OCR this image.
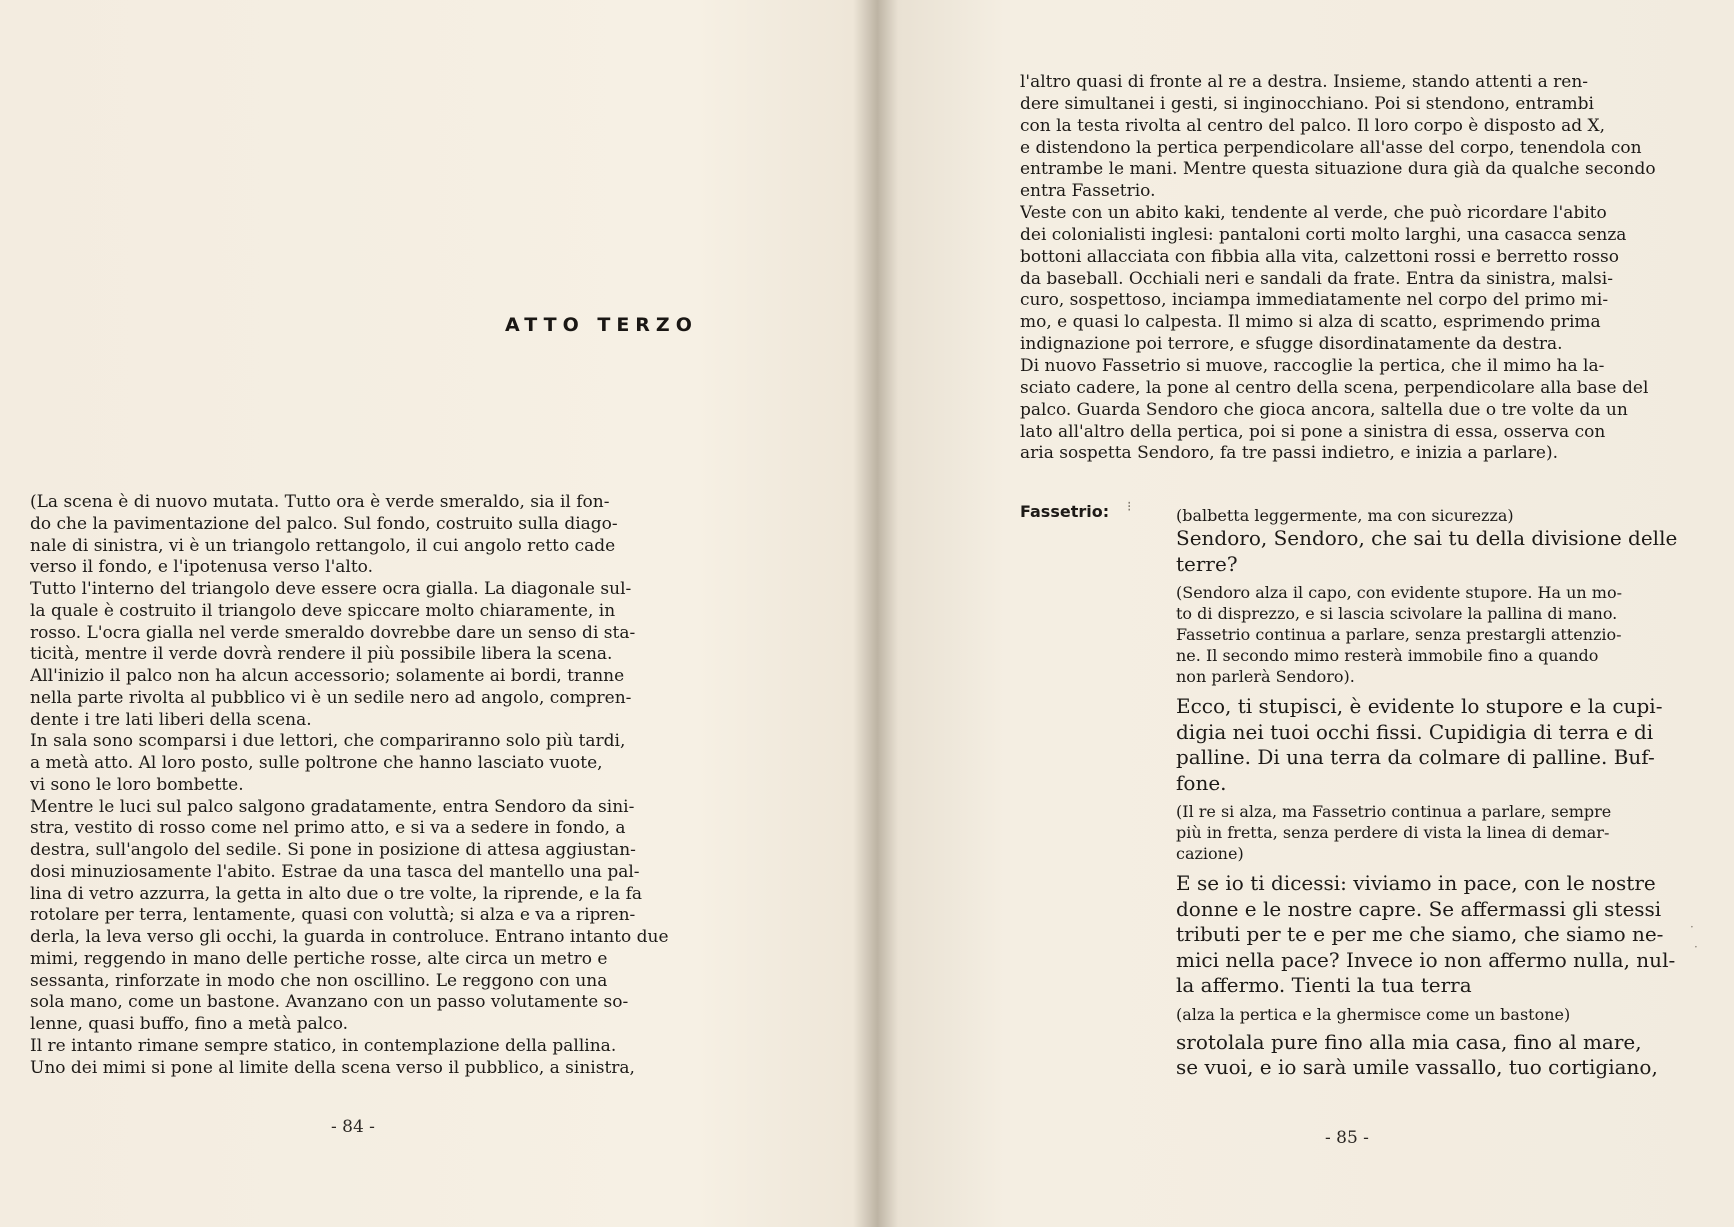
ATTO TERZO
(La scena è di nuovo mutata. Tutto ora è verde smeraldo, sia il fon-
do che la pavimentazione del palco. Sul fondo, costruito sulla diago-
nale di sinistra, vi è un triangolo rettangolo, il cui angolo retto cade
verso il fondo, e l'ipotenusa verso l'alto.
Tutto l'interno del triangolo deve essere ocra gialla. La diagonale sul-
la quale è costruito il triangolo deve spiccare molto chiaramente, in
rosso. L'ocra gialla nel verde smeraldo dovrebbe dare un senso di sta-
ticità, mentre il verde dovrà rendere il più possibile libera la scena.
All'inizio il palco non ha alcun accessorio; solamente ai bordi, tranne
nella parte rivolta al pubblico vi è un sedile nero ad angolo, compren-
dente i tre lati liberi della scena.
In sala sono scomparsi i due lettori, che compariranno solo più tardi,
a metà atto. Al loro posto, sulle poltrone che hanno lasciato vuote,
vi sono le loro bombette.
Mentre le luci sul palco salgono gradatamente, entra Sendoro da sini-
stra, vestito di rosso come nel primo atto, e si va a sedere in fondo, a
destra, sull'angolo del sedile. Si pone in posizione di attesa aggiustan-
dosi minuziosamente l'abito. Estrae da una tasca del mantello una pal-
lina di vetro azzurra, la getta in alto due o tre volte, la riprende, e la fa
rotolare per terra, lentamente, quasi con voluttà; si alza e va a ripren-
derla, la leva verso gli occhi, la guarda in controluce. Entrano intanto due
mimi, reggendo in mano delle pertiche rosse, alte circa un metro e
sessanta, rinforzate in modo che non oscillino. Le reggono con una
sola mano, come un bastone. Avanzano con un passo volutamente so-
lenne, quasi buffo, fino a metà palco.
Il re intanto rimane sempre statico, in contemplazione della pallina.
Uno dei mimi si pone al limite della scena verso il pubblico, a sinistra,
- 84 -
l'altro quasi di fronte al re a destra. Insieme, stando attenti a ren-
dere simultanei i gesti, si inginocchiano. Poi si stendono, entrambi
con la testa rivolta al centro del palco. Il loro corpo è disposto ad X,
e distendono la pertica perpendicolare all'asse del corpo, tenendola con
entrambe le mani. Mentre questa situazione dura già da qualche secondo
entra Fassetrio.
Veste con un abito kaki, tendente al verde, che può ricordare l'abito
dei colonialisti inglesi: pantaloni corti molto larghi, una casacca senza
bottoni allacciata con fibbia alla vita, calzettoni rossi e berretto rosso
da baseball. Occhiali neri e sandali da frate. Entra da sinistra, malsi-
curo, sospettoso, inciampa immediatamente nel corpo del primo mi-
mo, e quasi lo calpesta. Il mimo si alza di scatto, esprimendo prima
indignazione poi terrore, e sfugge disordinatamente da destra.
Di nuovo Fassetrio si muove, raccoglie la pertica, che il mimo ha la-
sciato cadere, la pone al centro della scena, perpendicolare alla base del
palco. Guarda Sendoro che gioca ancora, saltella due o tre volte da un
lato all'altro della pertica, poi si pone a sinistra di essa, osserva con
aria sospetta Sendoro, fa tre passi indietro, e inizia a parlare).
Fassetrio: ⁝	(balbetta leggermente, ma con sicurezza)
Sendoro, Sendoro, che sai tu della divisione delle
terre?
(Sendoro alza il capo, con evidente stupore. Ha un mo-
to di disprezzo, e si lascia scivolare la pallina di mano.
Fassetrio continua a parlare, senza prestargli attenzio-
ne. Il secondo mimo resterà immobile fino a quando
non parlerà Sendoro).
Ecco, ti stupisci, è evidente lo stupore e la cupi-
digia nei tuoi occhi fissi. Cupidigia di terra e di
palline. Di una terra da colmare di palline. Buf-
fone.
(Il re si alza, ma Fassetrio continua a parlare, sempre
più in fretta, senza perdere di vista la linea di demar-
cazione)
E se io ti dicessi: viviamo in pace, con le nostre
donne e le nostre capre. Se affermassi gli stessi
tributi per te e per me che siamo, che siamo ne-
mici nella pace? Invece io non affermo nulla, nul-
la affermo. Tienti la tua terra
(alza la pertica e la ghermisce come un bastone)
srotolala pure fino alla mia casa, fino al mare,
se vuoi, e io sarà umile vassallo, tuo cortigiano,
- 85 -
·
·
